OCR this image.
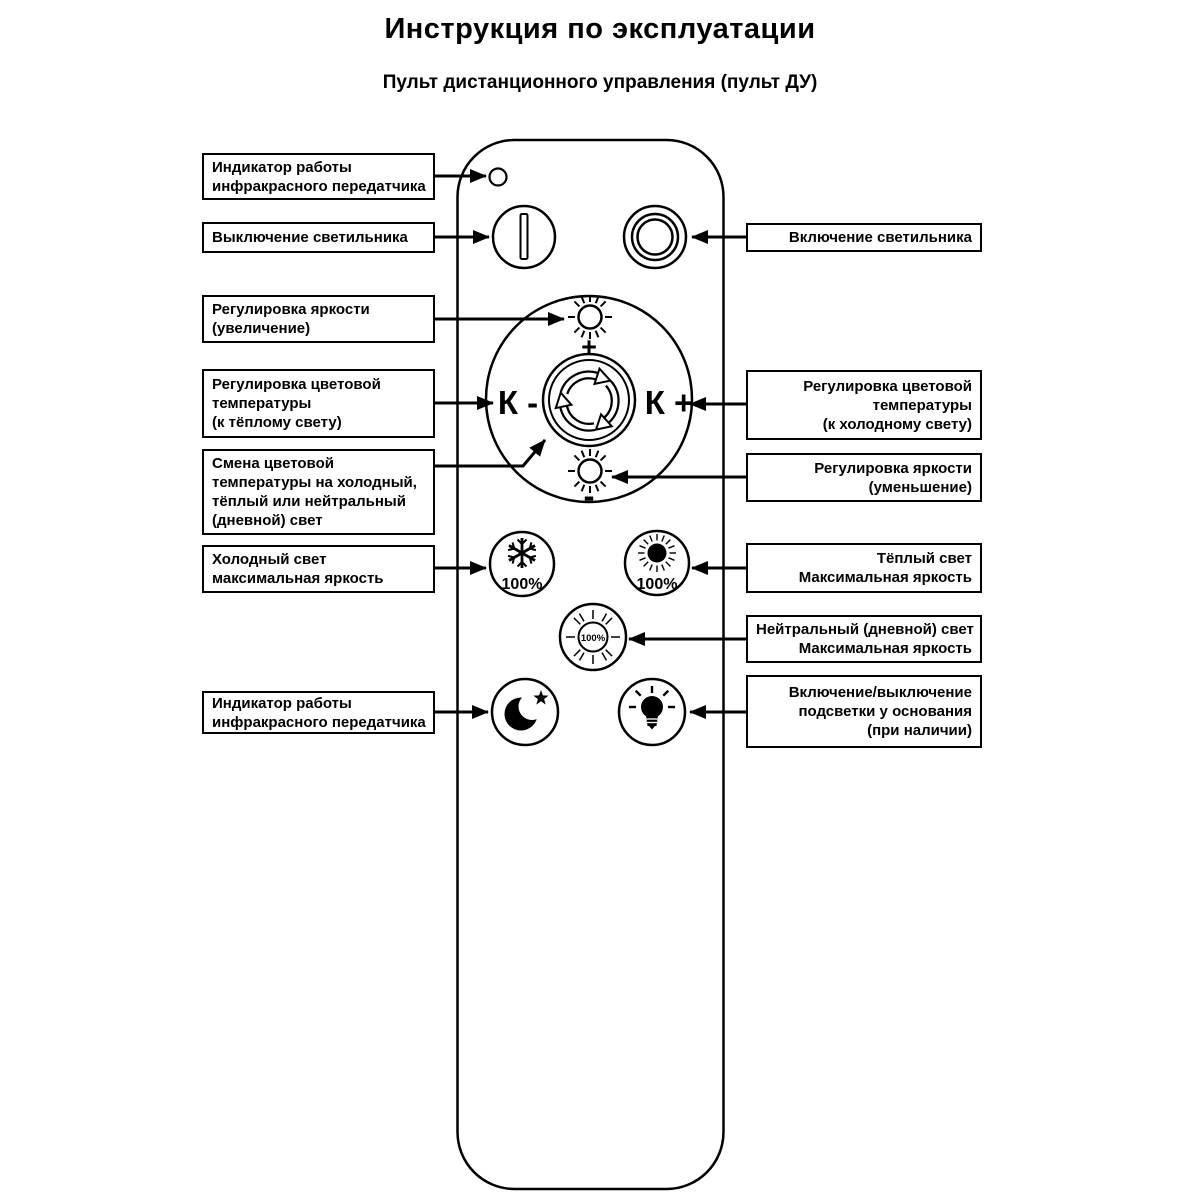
Инструкция по эксплуатации
Пульт дистанционного управления (пульт ДУ)
+
К -	К +
-
100%	100%
100%
Индикатор работы
инфракрасного передатчика
Выключение светильника
Регулировка яркости
(увеличение)
Регулировка цветовой
температуры
(к тёплому свету)
Смена цветовой
температуры на холодный,
тёплый или нейтральный
(дневной) свет
Холодный свет
максимальная яркость
Индикатор работы
инфракрасного передатчика
Включение светильника
Регулировка цветовой
температуры
(к холодному свету)
Регулировка яркости
(уменьшение)
Тёплый свет
Максимальная яркость
Нейтральный (дневной) свет
Максимальная яркость
Включение/выключение
подсветки у основания
(при наличии)
